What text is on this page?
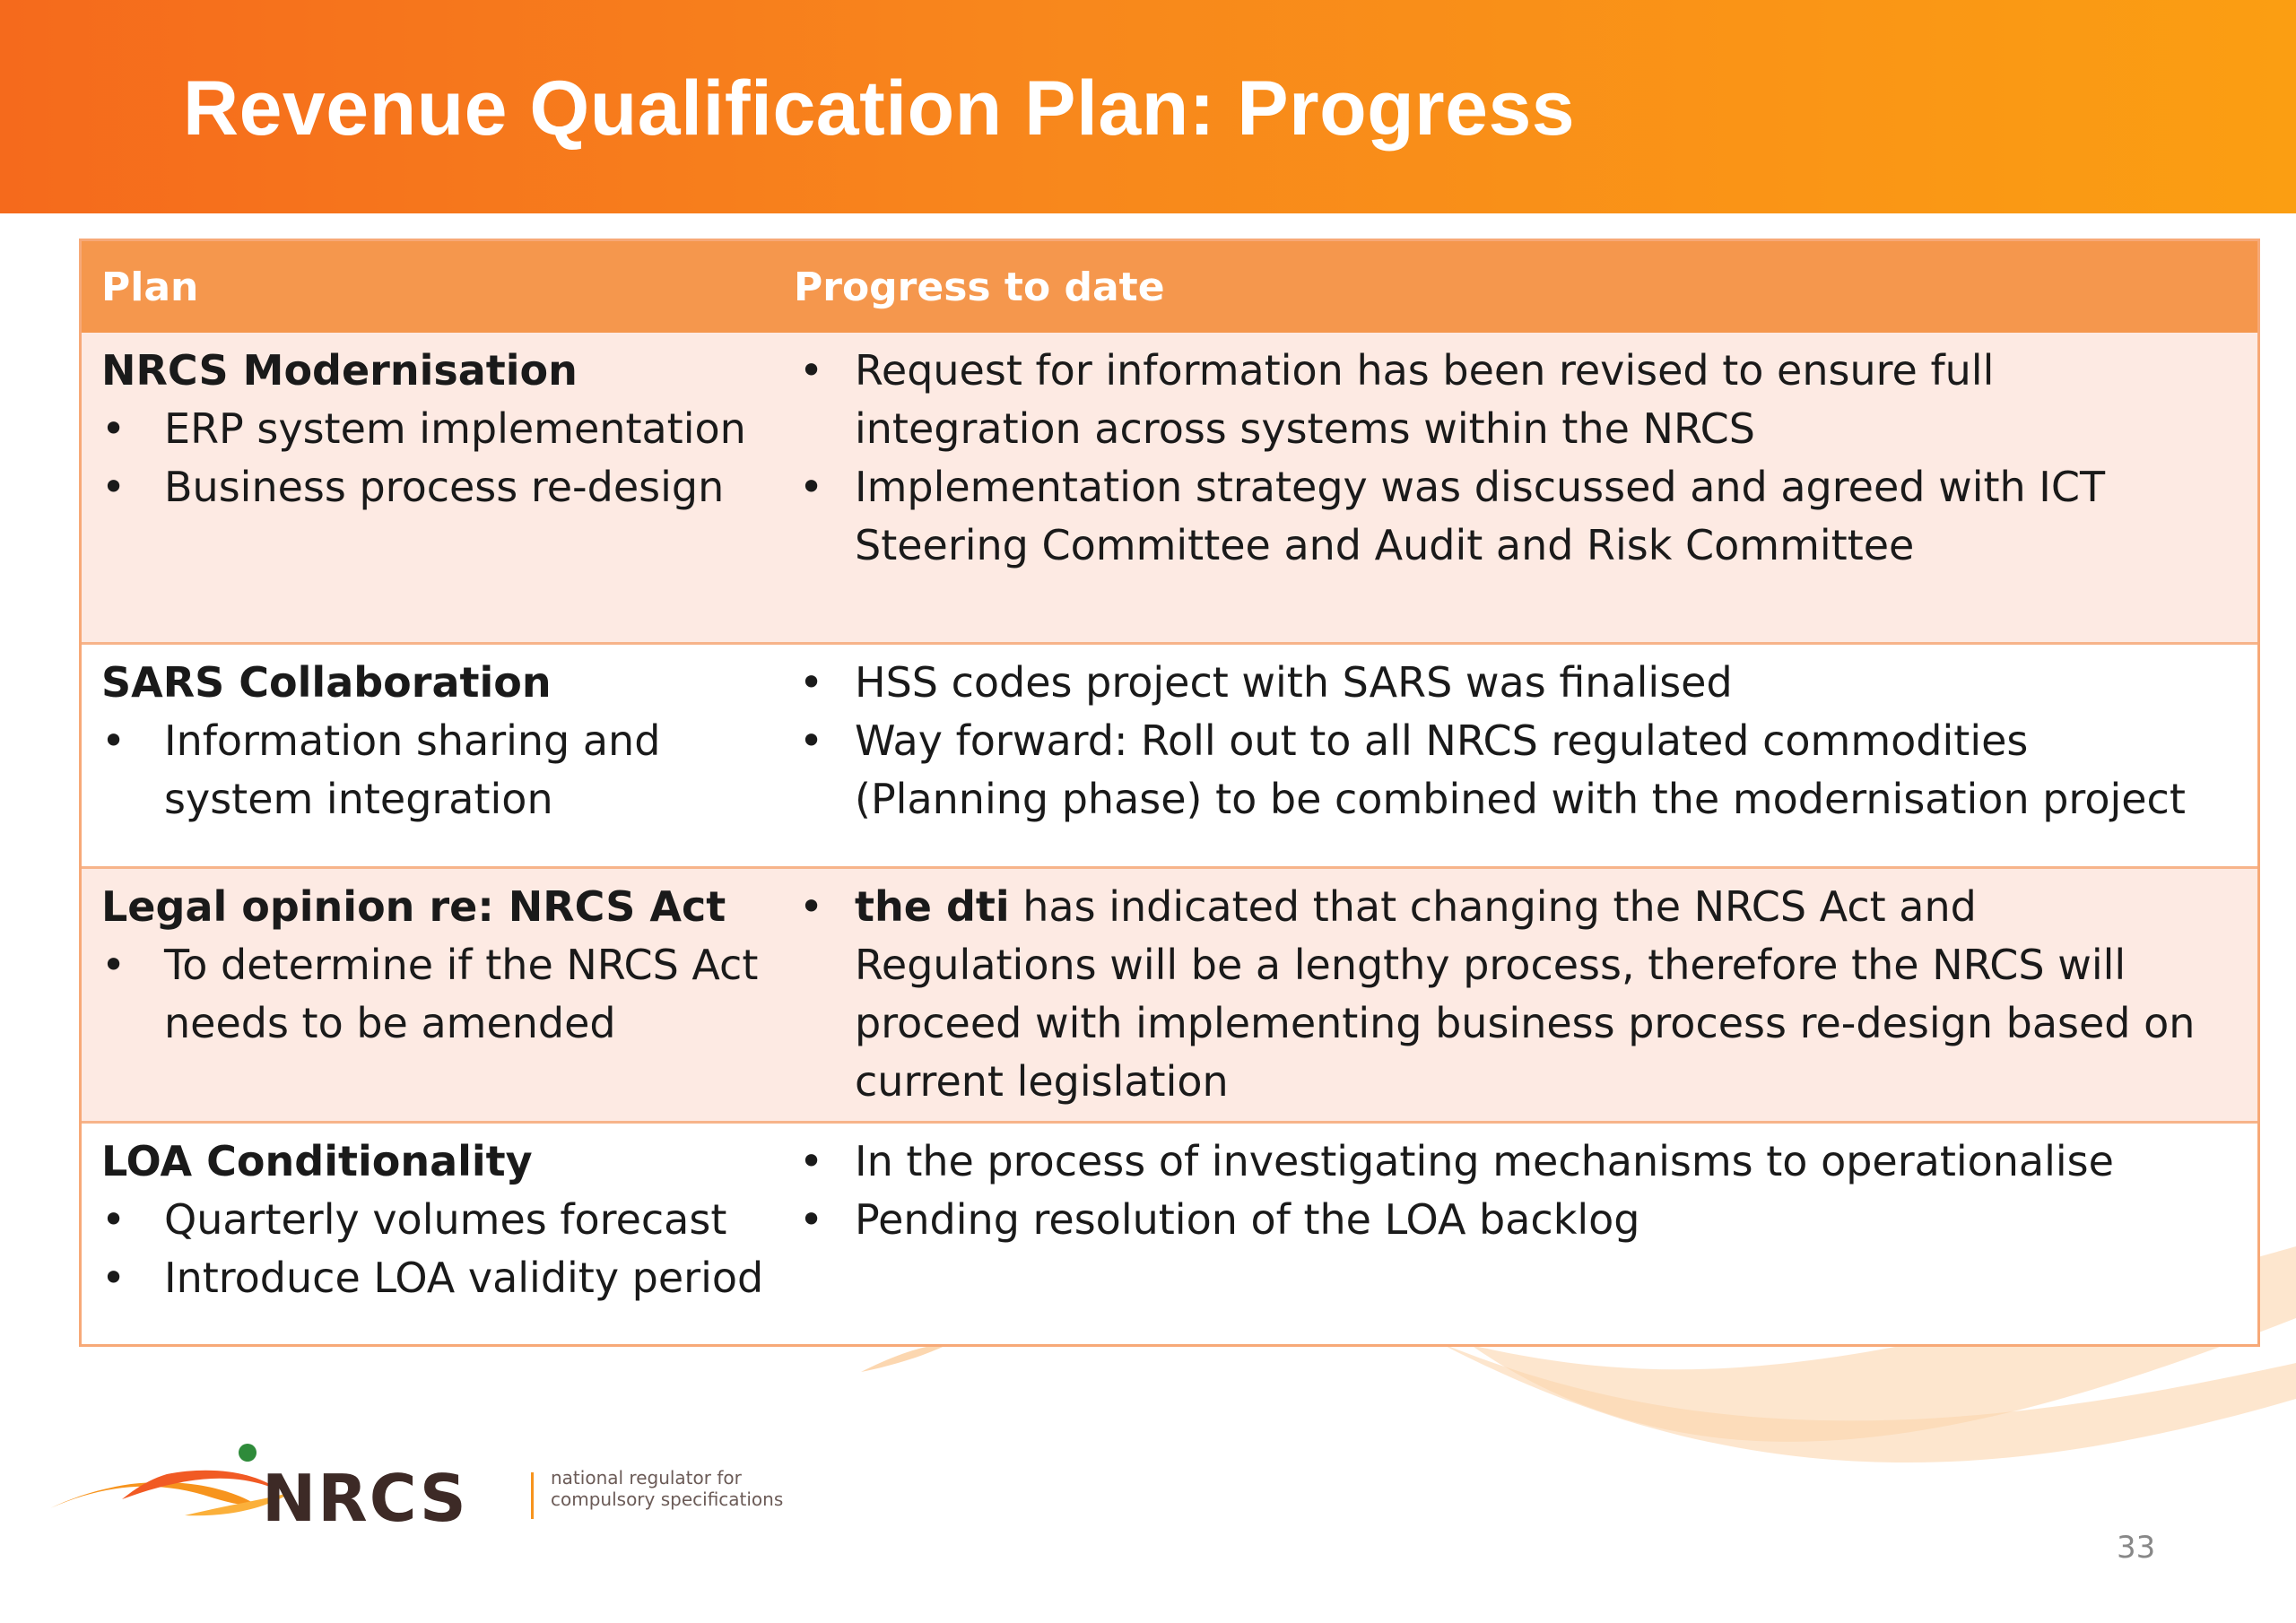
Revenue Qualification Plan: Progress
Plan	Progress to date
NRCS Modernisation
• ERP system implementation
• Business process re-design
• Request for information has been revised to ensure full integration across systems within the NRCS
• Implementation strategy was discussed and agreed with ICT Steering Committee and Audit and Risk Committee
SARS Collaboration
• Information sharing and system integration
• HSS codes project with SARS was finalised
• Way forward: Roll out to all NRCS regulated commodities (Planning phase) to be combined with the modernisation project
Legal opinion re: NRCS Act
• To determine if the NRCS Act needs to be amended
• the dti has indicated that changing the NRCS Act and Regulations will be a lengthy process, therefore the NRCS will proceed with implementing business process re-design based on current legislation
LOA Conditionality
• Quarterly volumes forecast
• Introduce LOA validity period
• In the process of investigating mechanisms to operationalise
• Pending resolution of the LOA backlog
NRCS	national regulator for
compulsory specifications
33
